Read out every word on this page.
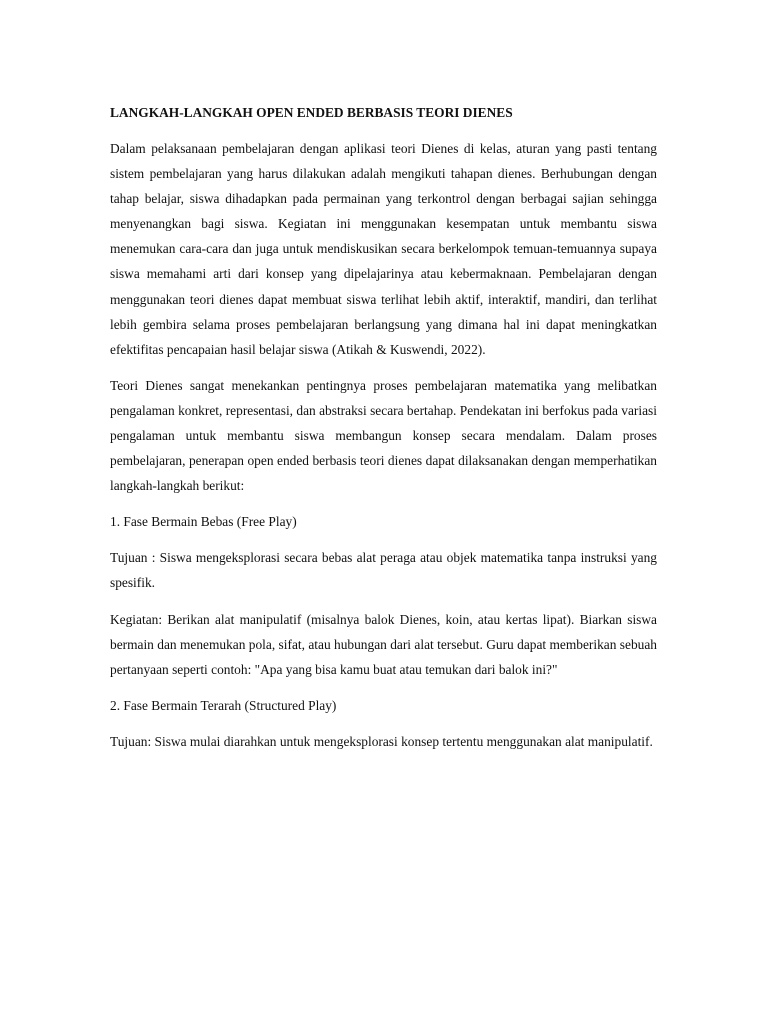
LANGKAH-LANGKAH OPEN ENDED BERBASIS TEORI DIENES

Dalam pelaksanaan pembelajaran dengan aplikasi teori Dienes di kelas, aturan yang pasti tentang sistem pembelajaran yang harus dilakukan adalah mengikuti tahapan dienes. Berhubungan dengan tahap belajar, siswa dihadapkan pada permainan yang terkontrol dengan berbagai sajian sehingga menyenangkan bagi siswa. Kegiatan ini menggunakan kesempatan untuk membantu siswa menemukan cara-cara dan juga untuk mendiskusikan secara berkelompok temuan-temuannya supaya siswa memahami arti dari konsep yang dipelajarinya atau kebermaknaan. Pembelajaran dengan menggunakan teori dienes dapat membuat siswa terlihat lebih aktif, interaktif, mandiri, dan terlihat lebih gembira selama proses pembelajaran berlangsung yang dimana hal ini dapat meningkatkan efektifitas pencapaian hasil belajar siswa (Atikah & Kuswendi, 2022).

Teori Dienes sangat menekankan pentingnya proses pembelajaran matematika yang melibatkan pengalaman konkret, representasi, dan abstraksi secara bertahap. Pendekatan ini berfokus pada variasi pengalaman untuk membantu siswa membangun konsep secara mendalam. Dalam proses pembelajaran, penerapan open ended berbasis teori dienes dapat dilaksanakan dengan memperhatikan langkah-langkah berikut:

1. Fase Bermain Bebas (Free Play)

Tujuan : Siswa mengeksplorasi secara bebas alat peraga atau objek matematika tanpa instruksi yang spesifik.

Kegiatan: Berikan alat manipulatif (misalnya balok Dienes, koin, atau kertas lipat). Biarkan siswa bermain dan menemukan pola, sifat, atau hubungan dari alat tersebut. Guru dapat memberikan sebuah pertanyaan seperti contoh: "Apa yang bisa kamu buat atau temukan dari balok ini?"

2. Fase Bermain Terarah (Structured Play)

Tujuan: Siswa mulai diarahkan untuk mengeksplorasi konsep tertentu menggunakan alat manipulatif.
